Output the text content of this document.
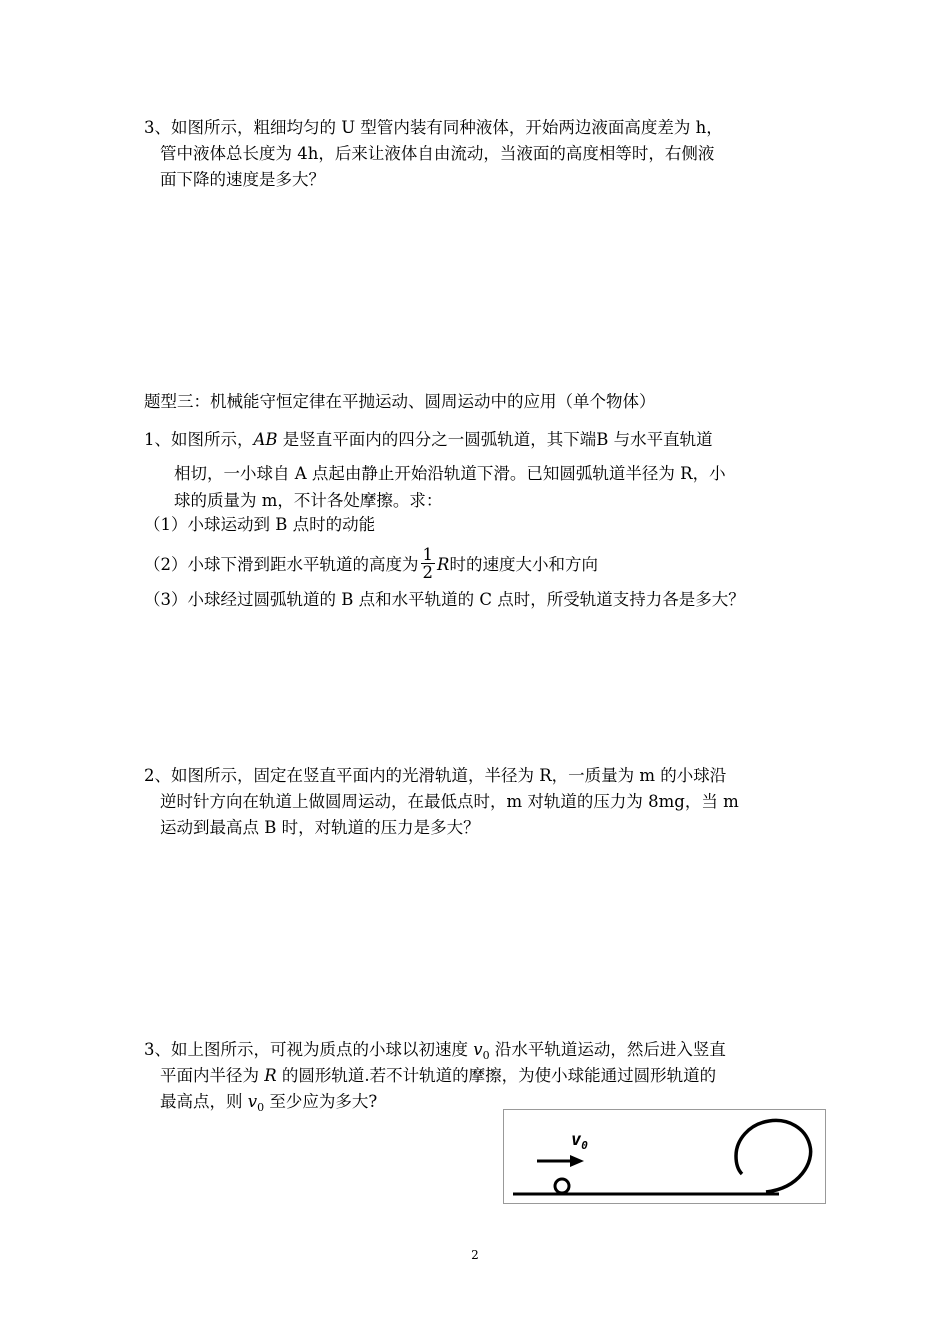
3、如图所示，粗细均匀的 U 型管内装有同种液体，开始两边液面高度差为 h，
管中液体总长度为 4h，后来让液体自由流动，当液面的高度相等时，右侧液
面下降的速度是多大？
题型三：机械能守恒定律在平抛运动、圆周运动中的应用（单个物体）
1、如图所示，AB 是竖直平面内的四分之一圆弧轨道，其下端B 与水平直轨道
相切，一小球自 A 点起由静止开始沿轨道下滑。已知圆弧轨道半径为 R，小
球的质量为 m，不计各处摩擦。求：
（1）小球运动到 B 点时的动能
（2）小球下滑到距水平轨道的高度为 $\frac{1}{2}$ R时的速度大小和方向
（3）小球经过圆弧轨道的 B 点和水平轨道的 C 点时，所受轨道支持力各是多大？
2、如图所示，固定在竖直平面内的光滑轨道，半径为 R，一质量为 m 的小球沿
逆时针方向在轨道上做圆周运动，在最低点时，m 对轨道的压力为 8mg，当 m
运动到最高点 B 时，对轨道的压力是多大？
3、如上图所示，可视为质点的小球以初速度 $v_0$ 沿水平轨道运动，然后进入竖直
平面内半径为 R 的圆形轨道.若不计轨道的摩擦，为使小球能通过圆形轨道的
最高点，则 $v_0$ 至少应为多大?
$v_0$
2
